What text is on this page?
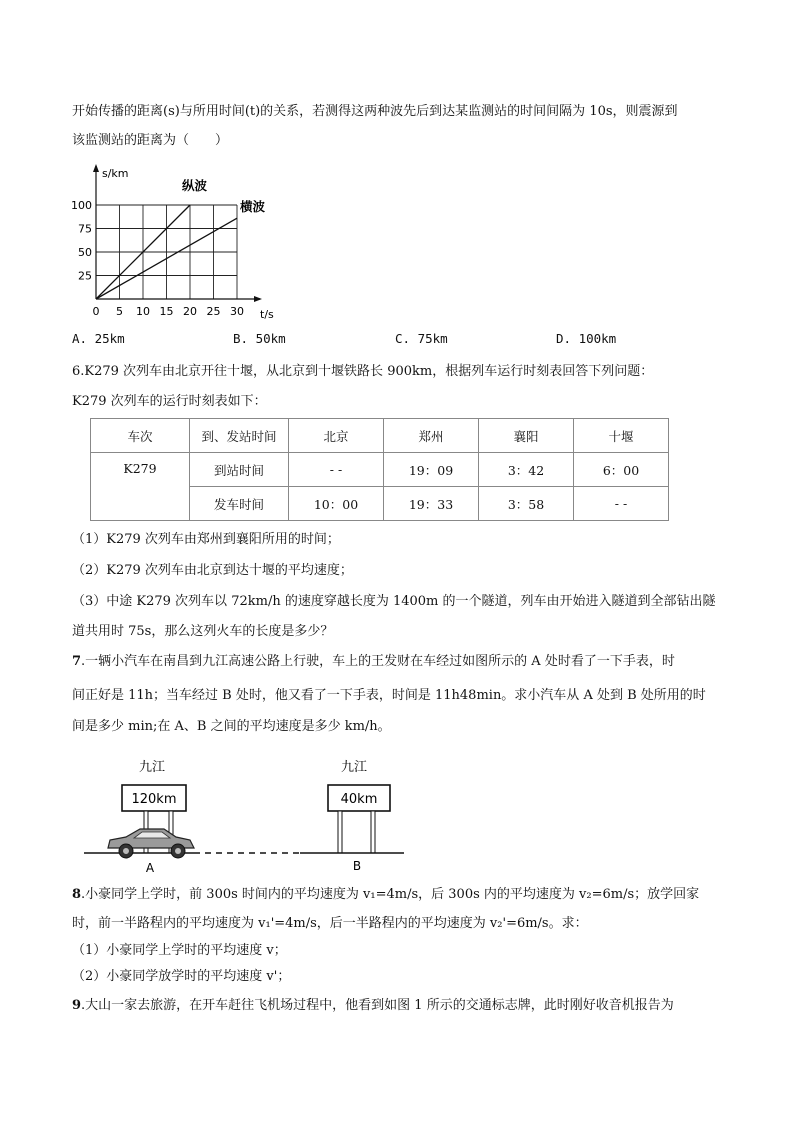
开始传播的距离(s)与所用时间(t)的关系，若测得这两种波先后到达某监测站的时间间隔为 10s，则震源到
该监测站的距离为（　　）
纵波
横波
0 5 10 15 20 25 30
25
50
75
100
s/km
t/s
A. 25km	B. 50km	C. 75km	D. 100km
6.K279 次列车由北京开往十堰，从北京到十堰铁路长 900km，根据列车运行时刻表回答下列问题：
K279 次列车的运行时刻表如下：
车次	到、发站时间	北京	郑州	襄阳	十堰
K279	到站时间	- -	19：09	3：42	6：00
	发车时间	10：00	19：33	3：58	- -
（1）K279 次列车由郑州到襄阳所用的时间；
（2）K279 次列车由北京到达十堰的平均速度；
（3）中途 K279 次列车以 72km/h 的速度穿越长度为 1400m 的一个隧道，列车由开始进入隧道到全部钻出隧
道共用时 75s，那么这列火车的长度是多少？
7.一辆小汽车在南昌到九江高速公路上行驶，车上的王发财在车经过如图所示的 A 处时看了一下手表，时
间正好是 11h；当车经过 B 处时，他又看了一下手表，时间是 11h48min。求小汽车从 A 处到 B 处所用的时
间是多少 min;在 A、B 之间的平均速度是多少 km/h。
九江
120km
九江
40km
A	B
8.小豪同学上学时，前 300s 时间内的平均速度为 v₁=4m/s，后 300s 内的平均速度为 v₂=6m/s；放学回家
时，前一半路程内的平均速度为 v₁'=4m/s，后一半路程内的平均速度为 v₂'=6m/s。求：
（1）小豪同学上学时的平均速度 v；
（2）小豪同学放学时的平均速度 v'；
9.大山一家去旅游，在开车赶往飞机场过程中，他看到如图 1 所示的交通标志牌，此时刚好收音机报告为
